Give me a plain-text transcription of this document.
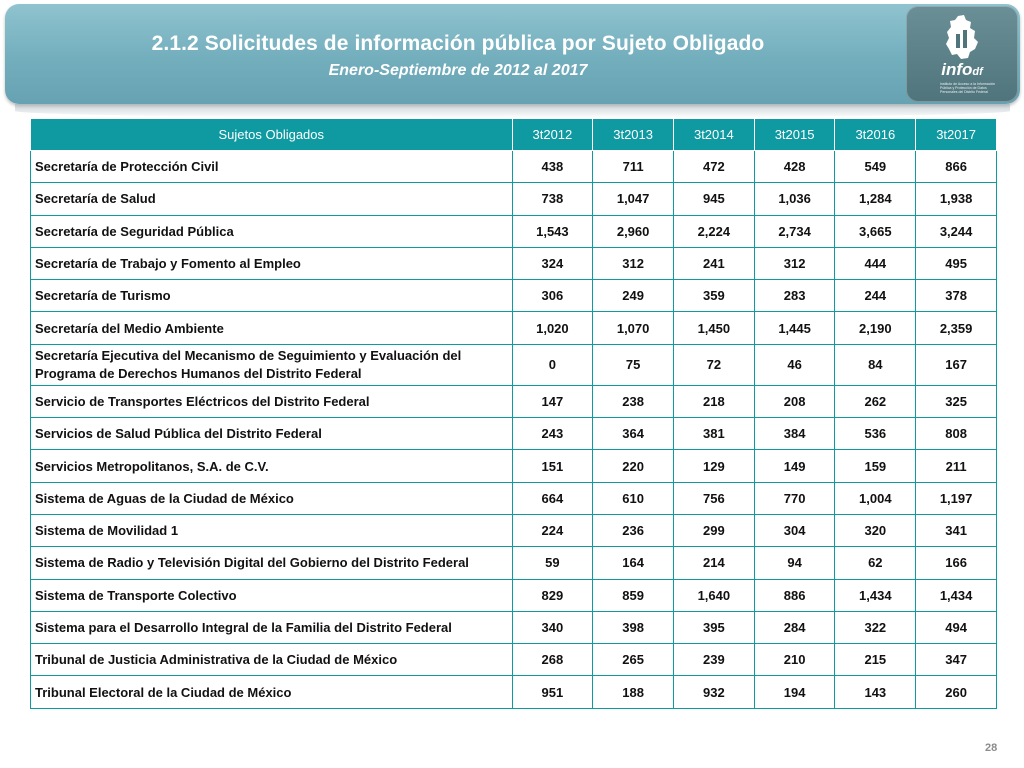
2.1.2 Solicitudes de información pública por Sujeto Obligado
Enero-Septiembre de 2012 al 2017	infodf
Instituto de Acceso a la Información Pública y Protección de Datos Personales del Distrito Federal
Sujetos Obligados	3t2012	3t2013	3t2014	3t2015	3t2016	3t2017
Secretaría de Protección Civil	438	711	472	428	549	866
Secretaría de Salud	738	1,047	945	1,036	1,284	1,938
Secretaría de Seguridad Pública	1,543	2,960	2,224	2,734	3,665	3,244
Secretaría de Trabajo y Fomento al Empleo	324	312	241	312	444	495
Secretaría de Turismo	306	249	359	283	244	378
Secretaría del Medio Ambiente	1,020	1,070	1,450	1,445	2,190	2,359
Secretaría Ejecutiva del Mecanismo de Seguimiento y Evaluación del Programa de Derechos Humanos del Distrito Federal	0	75	72	46	84	167
Servicio de Transportes Eléctricos del Distrito Federal	147	238	218	208	262	325
Servicios de Salud Pública del Distrito Federal	243	364	381	384	536	808
Servicios Metropolitanos, S.A. de C.V.	151	220	129	149	159	211
Sistema de Aguas de la Ciudad de México	664	610	756	770	1,004	1,197
Sistema de Movilidad 1	224	236	299	304	320	341
Sistema de Radio y Televisión Digital del Gobierno del Distrito Federal	59	164	214	94	62	166
Sistema de Transporte Colectivo	829	859	1,640	886	1,434	1,434
Sistema para el Desarrollo Integral de la Familia del Distrito Federal	340	398	395	284	322	494
Tribunal de Justicia Administrativa de la Ciudad de México	268	265	239	210	215	347
Tribunal Electoral de la Ciudad de México	951	188	932	194	143	260
28
